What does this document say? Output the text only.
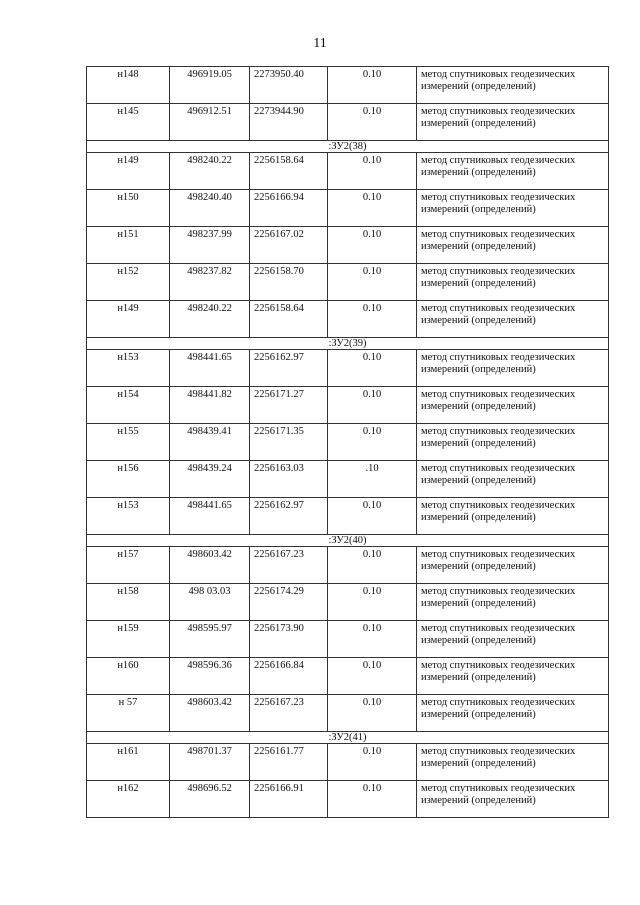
11
н148	496919.05	2273950.40	0.10	метод спутниковых геодезических измерений (определений)
н145	496912.51	2273944.90	0.10	метод спутниковых геодезических измерений (определений)
:ЗУ2(38)				
н149	498240.22	2256158.64	0.10	метод спутниковых геодезических измерений (определений)
н150	498240.40	2256166.94	0.10	метод спутниковых геодезических измерений (определений)
н151	498237.99	2256167.02	0.10	метод спутниковых геодезических измерений (определений)
н152	498237.82	2256158.70	0.10	метод спутниковых геодезических измерений (определений)
н149	498240.22	2256158.64	0.10	метод спутниковых геодезических измерений (определений)
:ЗУ2(39)				
н153	498441.65	2256162.97	0.10	метод спутниковых геодезических измерений (определений)
н154	498441.82	2256171.27	0.10	метод спутниковых геодезических измерений (определений)
н155	498439.41	2256171.35	0.10	метод спутниковых геодезических измерений (определений)
н156	498439.24	2256163.03	.10	метод спутниковых геодезических измерений (определений)
н153	498441.65	2256162.97	0.10	метод спутниковых геодезических измерений (определений)
:ЗУ2(40)				
н157	498603.42	2256167.23	0.10	метод спутниковых геодезических измерений (определений)
н158	498 03.03	2256174.29	0.10	метод спутниковых геодезических измерений (определений)
н159	498595.97	2256173.90	0.10	метод спутниковых геодезических измерений (определений)
н160	498596.36	2256166.84	0.10	метод спутниковых геодезических измерений (определений)
н 57	498603.42	2256167.23	0.10	метод спутниковых геодезических измерений (определений)
:ЗУ2(41)				
н161	498701.37	2256161.77	0.10	метод спутниковых геодезических измерений (определений)
н162	498696.52	2256166.91	0.10	метод спутниковых геодезических измерений (определений)
